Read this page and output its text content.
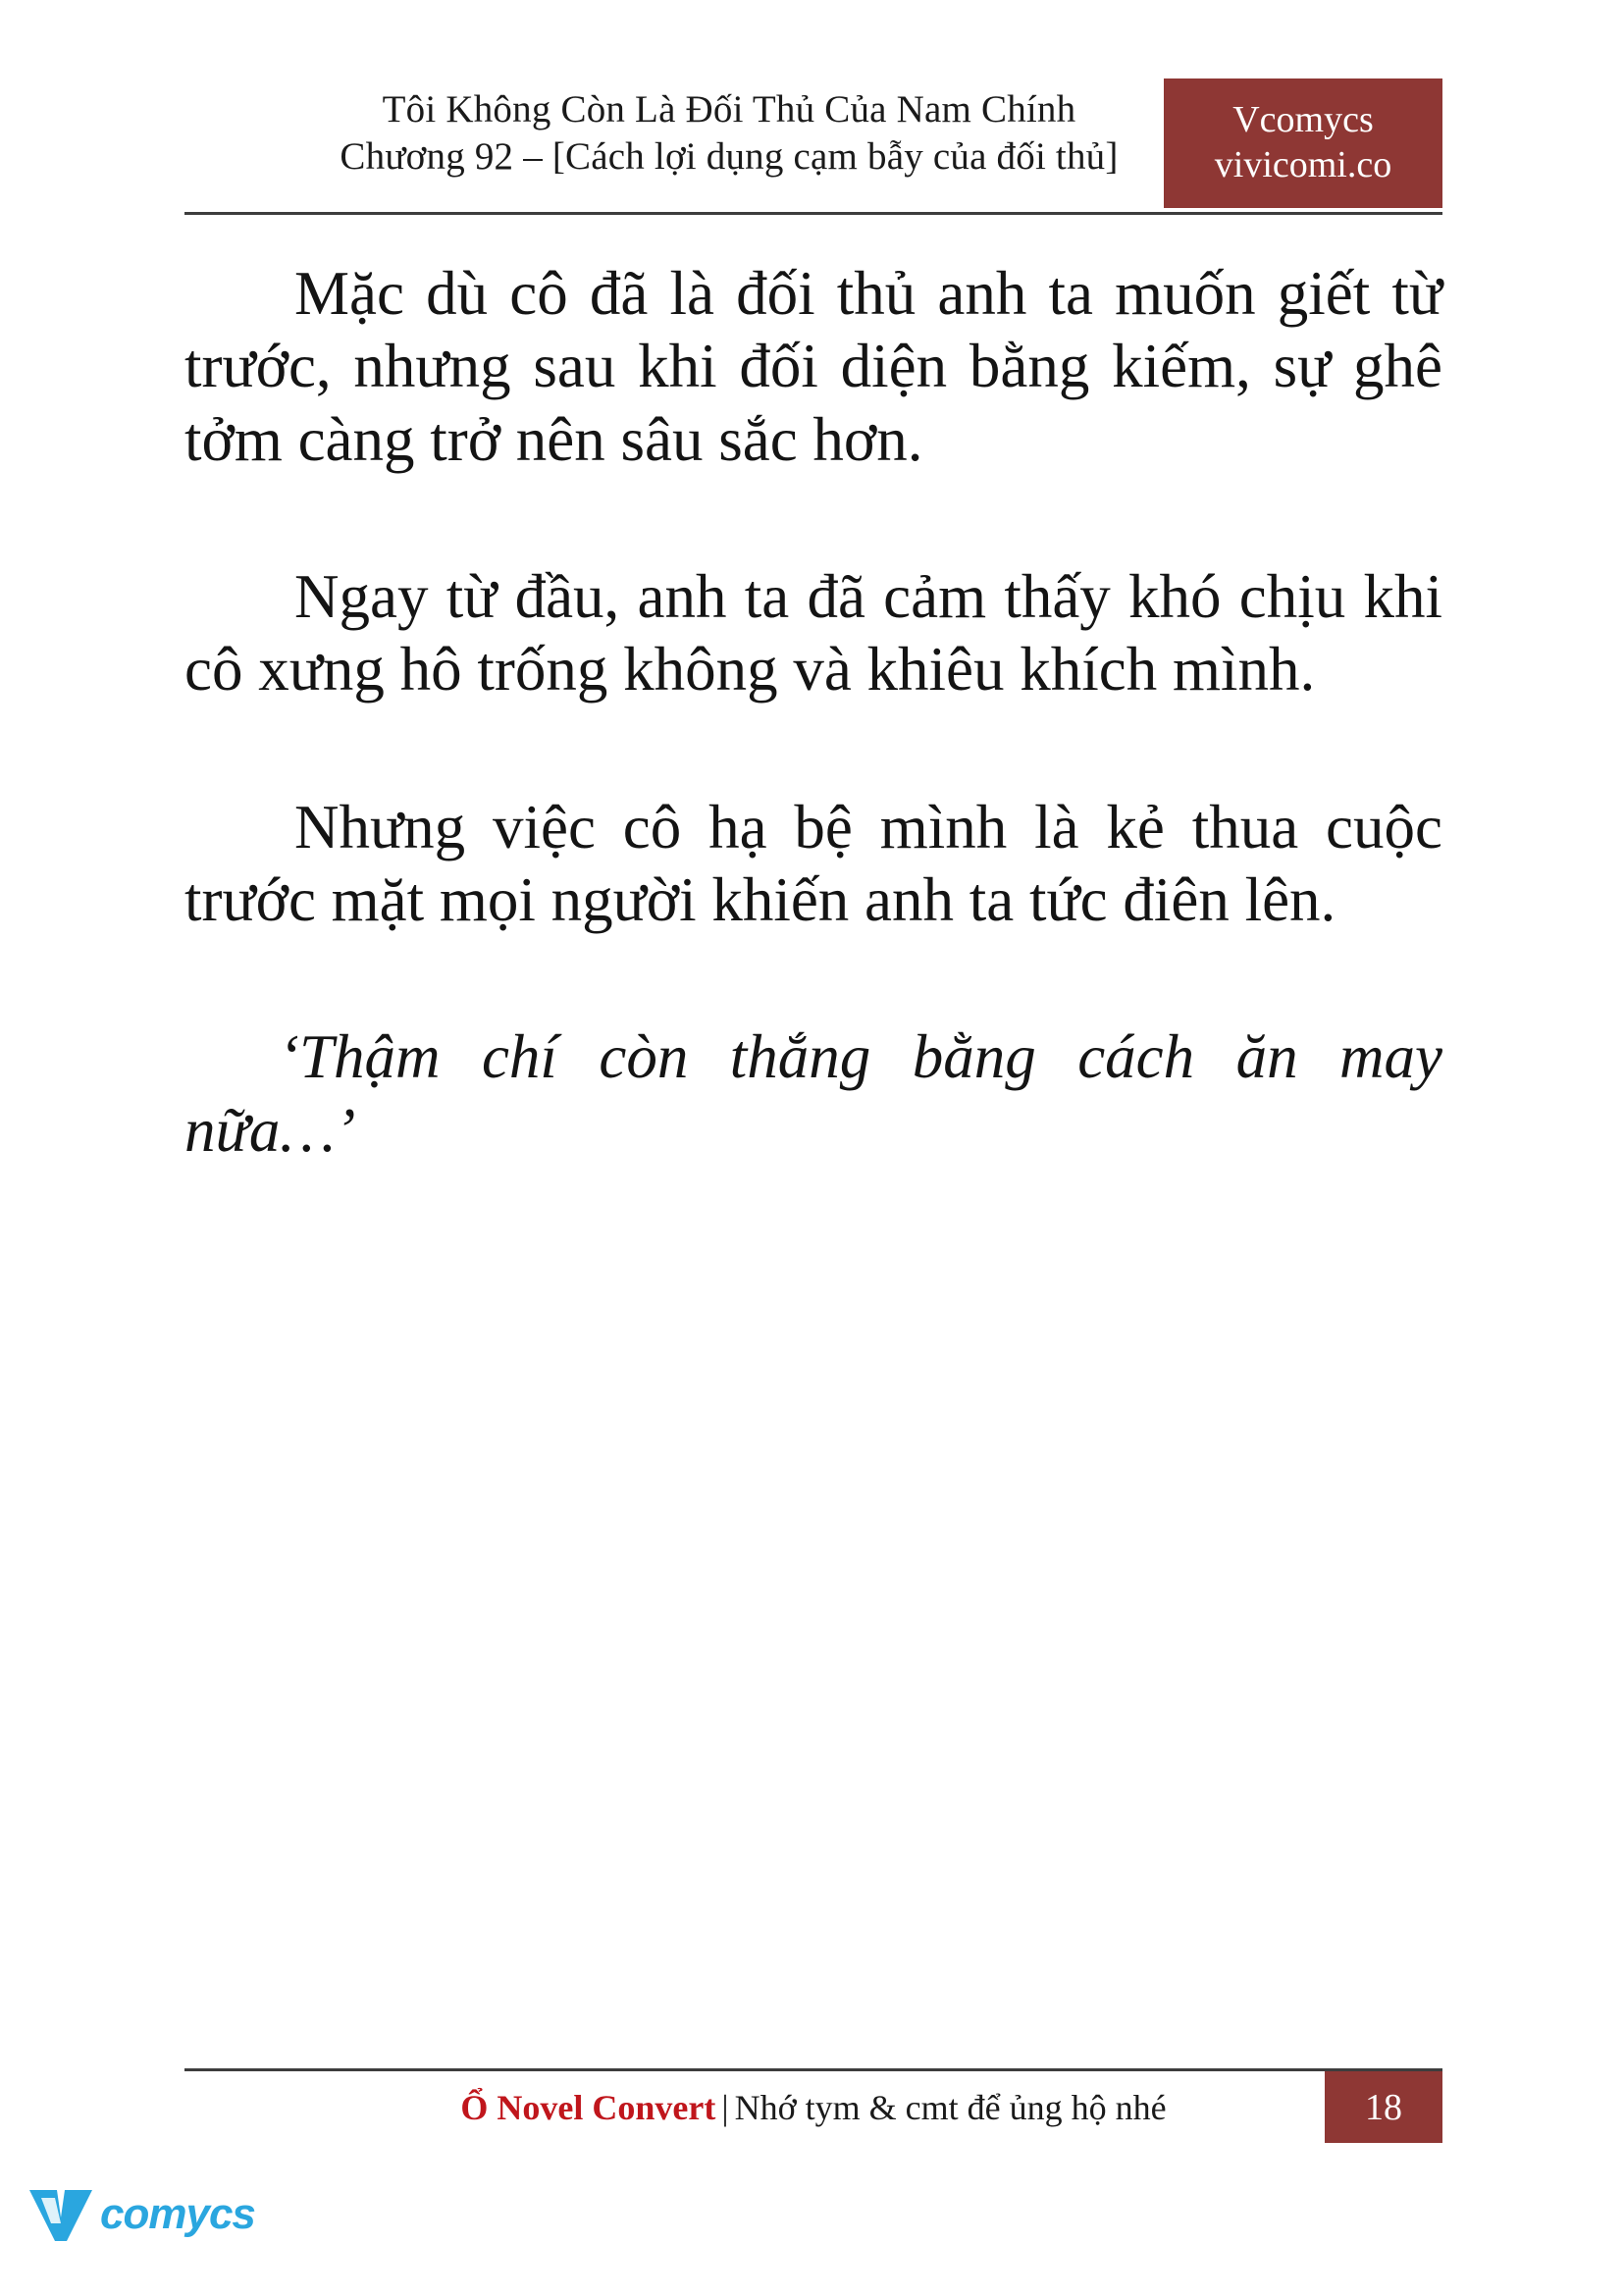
Tôi Không Còn Là Đối Thủ Của Nam Chính
Chương 92 – [Cách lợi dụng cạm bẫy của đối thủ]
Vcomycs
vivicomi.co

Mặc dù cô đã là đối thủ anh ta muốn giết từ trước, nhưng sau khi đối diện bằng kiếm, sự ghê tởm càng trở nên sâu sắc hơn.

Ngay từ đầu, anh ta đã cảm thấy khó chịu khi cô xưng hô trống không và khiêu khích mình.

Nhưng việc cô hạ bệ mình là kẻ thua cuộc trước mặt mọi người khiến anh ta tức điên lên.

‘Thậm chí còn thắng bằng cách ăn may nữa…’

Ổ Novel Convert | Nhớ tym & cmt để ủng hộ nhé	18
comycs
